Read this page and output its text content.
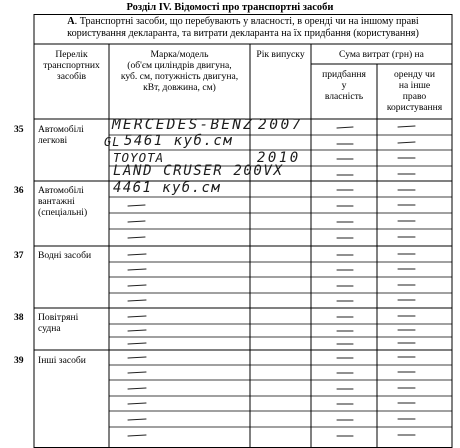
Розділ IV. Відомості про транспортні засоби
А. Транспортні засоби, що перебувають у власності, в оренді чи на іншому праві
користування декларанта, та витрати декларанта на їх придбання (користування)
Перелік
транспортних
засобів
Марка/модель
(об'єм циліндрів двигуна,
куб. см, потужність двигуна,
кВт, довжина, см)
Рік випуску	Сума витрат (грн) на
придбання
у
власність
оренду чи
на інше
право
користування
35 Автомобілі
легкові
36 Автомобілі
вантажні
(спеціальні)
37 Водні засоби
38 Повітряні
судна
39 Інші засоби
MERCEDES-BENZ 2007
GL 5461 куб.см
TOYOTA	2010
LAND CRUSER 200VX
4461 куб.см
